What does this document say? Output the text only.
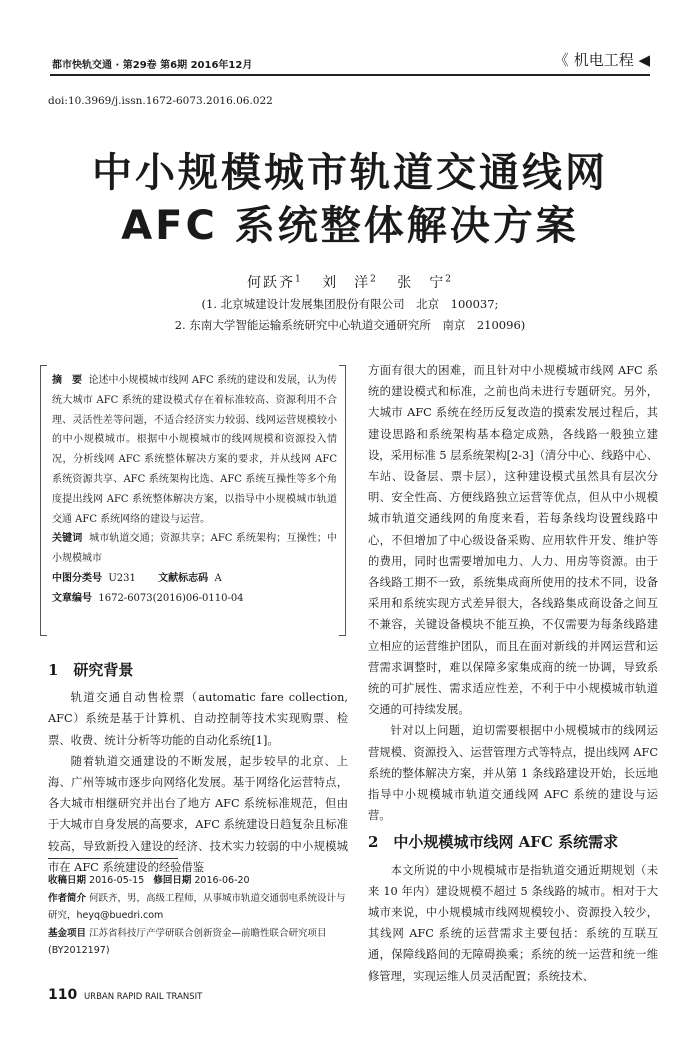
都市快轨交通 · 第29卷 第6期 2016年12月	《 机电工程 ◀
doi:10.3969/j.issn.1672-6073.2016.06.022
中小规模城市轨道交通线网
AFC 系统整体解决方案
何跃齐$^1$ 刘　洋$^2$ 张　宁$^2$
(1. 北京城建设计发展集团股份有限公司　北京　100037;
2. 东南大学智能运输系统研究中心轨道交通研究所　南京　210096)
摘　要 论述中小规模城市线网 AFC 系统的建设和发展，认为传统大城市 AFC 系统的建设模式存在着标准较高、资源利用不合理、灵活性差等问题，不适合经济实力较弱、线网运营规模较小的中小规模城市。根据中小规模城市的线网规模和资源投入情况，分析线网 AFC 系统整体解决方案的要求，并从线网 AFC 系统资源共享、AFC 系统架构比选、AFC 系统互操性等多个角度提出线网 AFC 系统整体解决方案，以指导中小规模城市轨道交通 AFC 系统网络的建设与运营。
关键词 城市轨道交通；资源共享；AFC 系统架构；互操性；中小规模城市
中图分类号 U231 文献标志码 A
文章编号 1672-6073(2016)06-0110-04
1　研究背景

轨道交通自动售检票（automatic fare collection, AFC）系统是基于计算机、自动控制等技术实现购票、检票、收费、统计分析等功能的自动化系统[1]。

随着轨道交通建设的不断发展，起步较早的北京、上海、广州等城市逐步向网络化发展。基于网络化运营特点，各大城市相继研究并出台了地方 AFC 系统标准规范，但由于大城市自身发展的高要求，AFC 系统建设日趋复杂且标准较高，导致新投入建设的经济、技术实力较弱的中小规模城市在 AFC 系统建设的经验借鉴

方面有很大的困难，而且针对中小规模城市线网 AFC 系统的建设模式和标准，之前也尚未进行专题研究。另外，大城市 AFC 系统在经历反复改造的摸索发展过程后，其建设思路和系统架构基本稳定成熟，各线路一般独立建设，采用标准 5 层系统架构[2-3]（清分中心、线路中心、车站、设备层、票卡层），这种建设模式虽然具有层次分明、安全性高、方便线路独立运营等优点，但从中小规模城市轨道交通线网的角度来看，若每条线均设置线路中心，不但增加了中心级设备采购、应用软件开发、维护等的费用，同时也需要增加电力、人力、用房等资源。由于各线路工期不一致，系统集成商所使用的技术不同，设备采用和系统实现方式差异很大，各线路集成商设备之间互不兼容，关键设备模块不能互换，不仅需要为每条线路建立相应的运营维护团队，而且在面对新线的并网运营和运营需求调整时，难以保障多家集成商的统一协调，导致系统的可扩展性、需求适应性差，不利于中小规模城市轨道交通的可持续发展。

针对以上问题，迫切需要根据中小规模城市的线网运营规模、资源投入、运营管理方式等特点，提出线网 AFC 系统的整体解决方案，并从第 1 条线路建设开始，长远地指导中小规模城市轨道交通线网 AFC 系统的建设与运营。

2　中小规模城市线网 AFC 系统需求

本文所说的中小规模城市是指轨道交通近期规划（未来 10 年内）建设规模不超过 5 条线路的城市。相对于大城市来说，中小规模城市线网规模较小、资源投入较少，其线网 AFC 系统的运营需求主要包括：系统的互联互通，保障线路间的无障碍换乘；系统的统一运营和统一维修管理，实现运维人员灵活配置；系统技术、

收稿日期 2016-05-15 修回日期 2016-06-20
作者简介 何跃齐，男，高级工程师，从事城市轨道交通弱电系统设计与研究，heyq@buedri.com
基金项目 江苏省科技厅产学研联合创新资金—前瞻性联合研究项目(BY2012197)
110 URBAN RAPID RAIL TRANSIT
